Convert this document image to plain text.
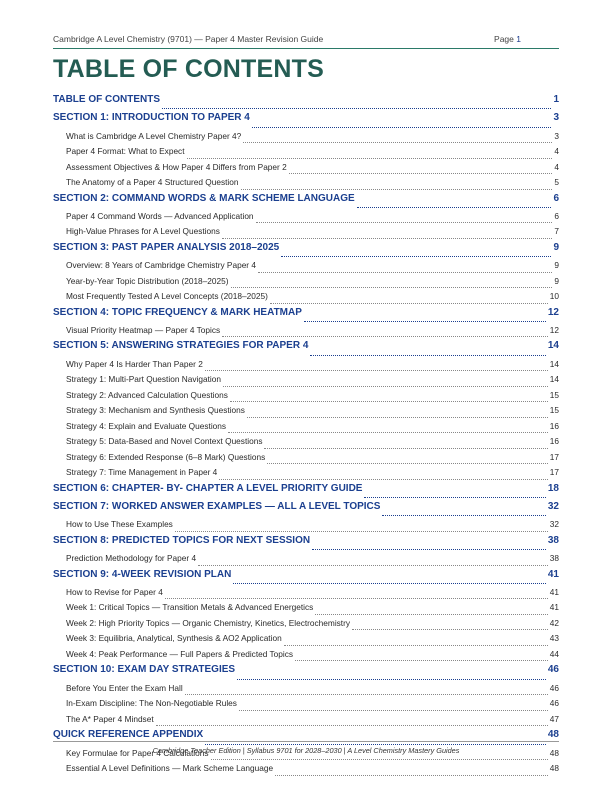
Cambridge A Level Chemistry (9701) — Paper 4 Master Revision Guide	Page 1
TABLE OF CONTENTS
TABLE OF CONTENTS	1
SECTION 1: INTRODUCTION TO PAPER 4	3
What is Cambridge A Level Chemistry Paper 4?	3
Paper 4 Format: What to Expect	4
Assessment Objectives & How Paper 4 Differs from Paper 2	4
The Anatomy of a Paper 4 Structured Question	5
SECTION 2: COMMAND WORDS & MARK SCHEME LANGUAGE	6
Paper 4 Command Words — Advanced Application	6
High-Value Phrases for A Level Questions	7
SECTION 3: PAST PAPER ANALYSIS 2018–2025	9
Overview: 8 Years of Cambridge Chemistry Paper 4	9
Year-by-Year Topic Distribution (2018–2025)	9
Most Frequently Tested A Level Concepts (2018–2025)	10
SECTION 4: TOPIC FREQUENCY & MARK HEATMAP	12
Visual Priority Heatmap — Paper 4 Topics	12
SECTION 5: ANSWERING STRATEGIES FOR PAPER 4	14
Why Paper 4 Is Harder Than Paper 2	14
Strategy 1: Multi-Part Question Navigation	14
Strategy 2: Advanced Calculation Questions	15
Strategy 3: Mechanism and Synthesis Questions	15
Strategy 4: Explain and Evaluate Questions	16
Strategy 5: Data-Based and Novel Context Questions	16
Strategy 6: Extended Response (6–8 Mark) Questions	17
Strategy 7: Time Management in Paper 4	17
SECTION 6: CHAPTER- BY- CHAPTER A LEVEL PRIORITY GUIDE	18
SECTION 7: WORKED ANSWER EXAMPLES — ALL A LEVEL TOPICS	32
How to Use These Examples	32
SECTION 8: PREDICTED TOPICS FOR NEXT SESSION	38
Prediction Methodology for Paper 4	38
SECTION 9: 4-WEEK REVISION PLAN	41
How to Revise for Paper 4	41
Week 1: Critical Topics — Transition Metals & Advanced Energetics	41
Week 2: High Priority Topics — Organic Chemistry, Kinetics, Electrochemistry	42
Week 3: Equilibria, Analytical, Synthesis & AO2 Application	43
Week 4: Peak Performance — Full Papers & Predicted Topics	44
SECTION 10: EXAM DAY STRATEGIES	46
Before You Enter the Exam Hall	46
In-Exam Discipline: The Non-Negotiable Rules	46
The A* Paper 4 Mindset	47
QUICK REFERENCE APPENDIX	48
Key Formulae for Paper 4 Calculations	48
Essential A Level Definitions — Mark Scheme Language	48
Cambridge Teacher Edition | Syllabus 9701 for 2028–2030 | A Level Chemistry Mastery Guides
